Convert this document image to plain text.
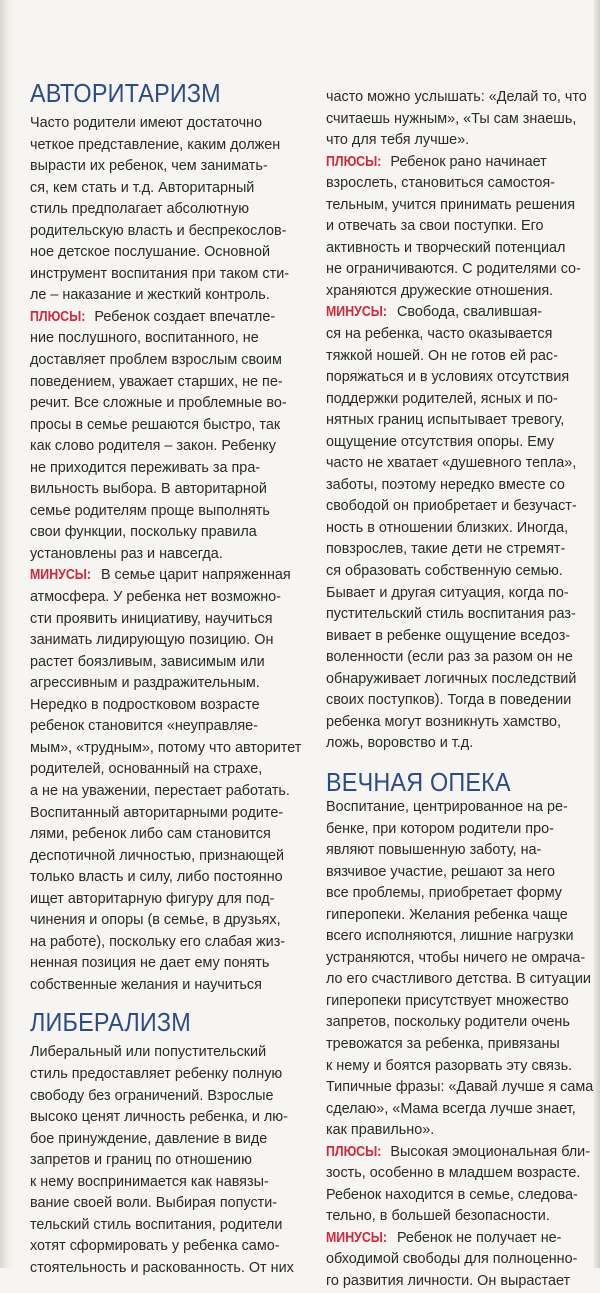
АВТОРИТАРИЗМ
Часто родители имеют достаточно
четкое представление, каким должен
вырасти их ребенок, чем занимать-
ся, кем стать и т.д. Авторитарный
стиль предполагает абсолютную
родительскую власть и беспрекослов-
ное детское послушание. Основной
инструмент воспитания при таком сти-
ле – наказание и жесткий контроль.
ПЛЮСЫ: Ребенок создает впечатле-
ние послушного, воспитанного, не
доставляет проблем взрослым своим
поведением, уважает старших, не пе-
речит. Все сложные и проблемные во-
просы в семье решаются быстро, так
как слово родителя – закон. Ребенку
не приходится переживать за пра-
вильность выбора. В авторитарной
семье родителям проще выполнять
свои функции, поскольку правила
установлены раз и навсегда.
МИНУСЫ: В семье царит напряженная
атмосфера. У ребенка нет возможно-
сти проявить инициативу, научиться
занимать лидирующую позицию. Он
растет боязливым, зависимым или
агрессивным и раздражительным.
Нередко в подростковом возрасте
ребенок становится «неуправляе-
мым», «трудным», потому что авторитет
родителей, основанный на страхе,
а не на уважении, перестает работать.
Воспитанный авторитарными родите-
лями, ребенок либо сам становится
деспотичной личностью, признающей
только власть и силу, либо постоянно
ищет авторитарную фигуру для под-
чинения и опоры (в семье, в друзьях,
на работе), поскольку его слабая жиз-
ненная позиция не дает ему понять
собственные желания и научиться
ЛИБЕРАЛИЗМ
Либеральный или попустительский
стиль предоставляет ребенку полную
свободу без ограничений. Взрослые
высоко ценят личность ребенка, и лю-
бое принуждение, давление в виде
запретов и границ по отношению
к нему воспринимается как навязы-
вание своей воли. Выбирая попусти-
тельский стиль воспитания, родители
хотят сформировать у ребенка само-
стоятельность и раскованность. От них
часто можно услышать: «Делай то, что
считаешь нужным», «Ты сам знаешь,
что для тебя лучше».
ПЛЮСЫ: Ребенок рано начинает
взрослеть, становиться самостоя-
тельным, учится принимать решения
и отвечать за свои поступки. Его
активность и творческий потенциал
не ограничиваются. С родителями со-
храняются дружеские отношения.
МИНУСЫ: Свобода, свалившая-
ся на ребенка, часто оказывается
тяжкой ношей. Он не готов ей рас-
поряжаться и в условиях отсутствия
поддержки родителей, ясных и по-
нятных границ испытывает тревогу,
ощущение отсутствия опоры. Ему
часто не хватает «душевного тепла»,
заботы, поэтому нередко вместе со
свободой он приобретает и безучаст-
ность в отношении близких. Иногда,
повзрослев, такие дети не стремят-
ся образовать собственную семью.
Бывает и другая ситуация, когда по-
пустительский стиль воспитания раз-
вивает в ребенке ощущение вседоз-
воленности (если раз за разом он не
обнаруживает логичных последствий
своих поступков). Тогда в поведении
ребенка могут возникнуть хамство,
ложь, воровство и т.д.
ВЕЧНАЯ ОПЕКА
Воспитание, центрированное на ре-
бенке, при котором родители про-
являют повышенную заботу, на-
вязчивое участие, решают за него
все проблемы, приобретает форму
гиперопеки. Желания ребенка чаще
всего исполняются, лишние нагрузки
устраняются, чтобы ничего не омрача-
ло его счастливого детства. В ситуации
гиперопеки присутствует множество
запретов, поскольку родители очень
тревожатся за ребенка, привязаны
к нему и боятся разорвать эту связь.
Типичные фразы: «Давай лучше я сама
сделаю», «Мама всегда лучше знает,
как правильно».
ПЛЮСЫ: Высокая эмоциональная бли-
зость, особенно в младшем возрасте.
Ребенок находится в семье, следова-
тельно, в большей безопасности.
МИНУСЫ: Ребенок не получает не-
обходимой свободы для полноценно-
го развития личности. Он вырастает
